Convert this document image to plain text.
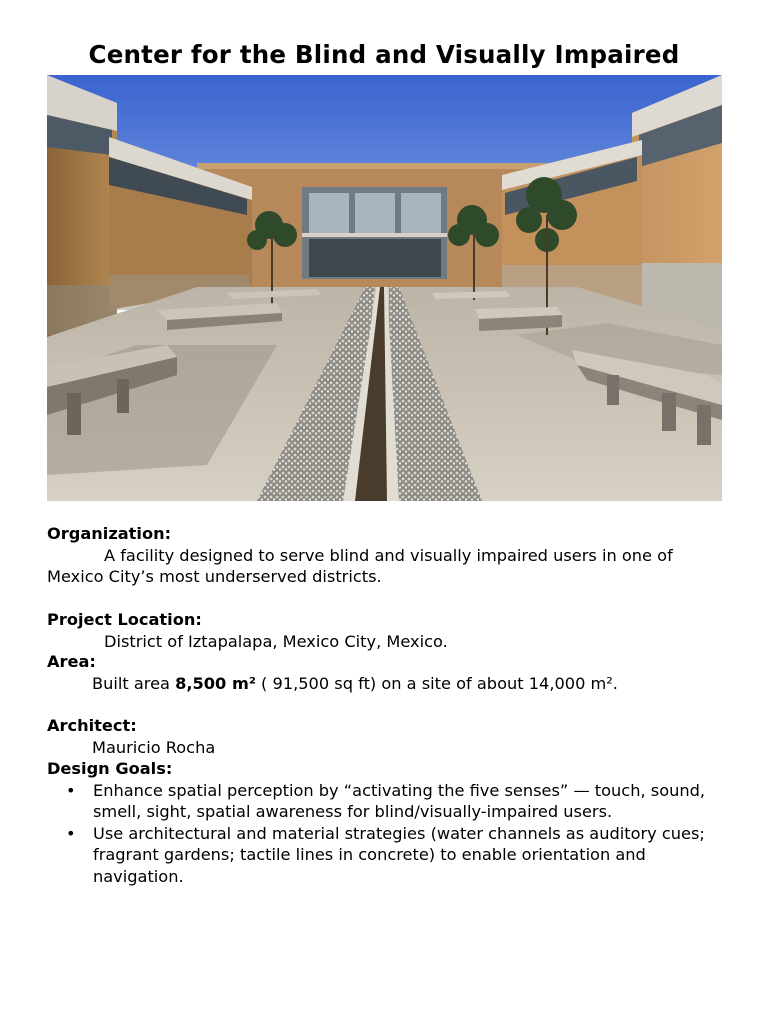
Center for the Blind and Visually Impaired
Organization:
A facility designed to serve blind and visually impaired users in one of Mexico City’s most underserved districts.
Project Location:
District of Iztapalapa, Mexico City, Mexico.
Area:
Built area 8,500 m² ( 91,500 sq ft) on a site of about 14,000 m².
Architect:
Mauricio Rocha
Design Goals:
• Enhance spatial perception by “activating the five senses” — touch, sound, smell, sight, spatial awareness for blind/visually-impaired users.
• Use architectural and material strategies (water channels as auditory cues; fragrant gardens; tactile lines in concrete) to enable orientation and navigation.
